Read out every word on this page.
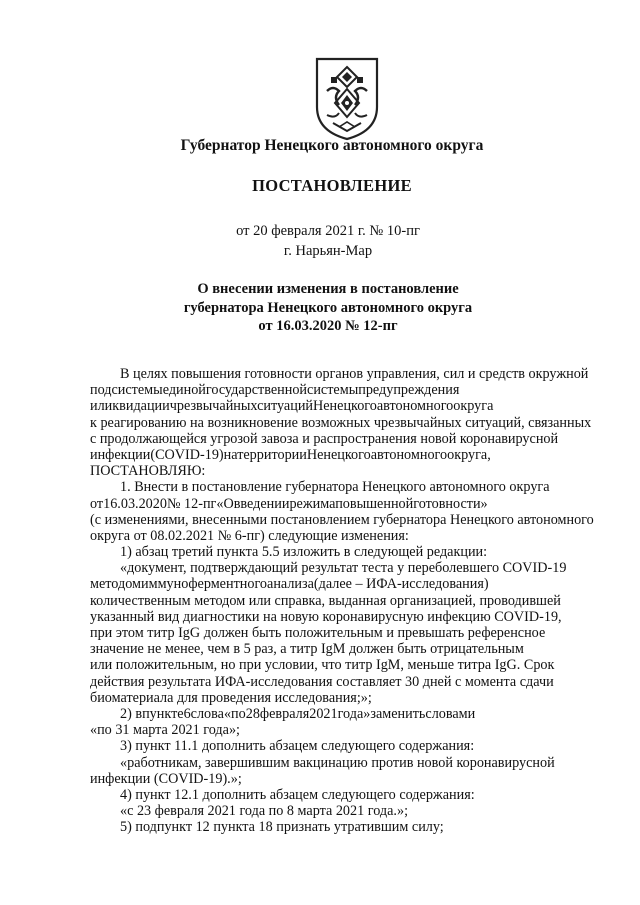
Губернатор Ненецкого автономного округа

ПОСТАНОВЛЕНИЕ

от 20 февраля 2021 г. № 10-пг

г. Нарьян-Мар

О внесении изменения в постановление
губернатора Ненецкого автономного округа
от 16.03.2020 № 12-пг
В целях повышения готовности органов управления, сил и средств окружной
подсистемыединойгосударственнойсистемыпредупреждения
иликвидациичрезвычайныхситуацийНенецкогоавтономногоокруга
к реагированию на возникновение возможных чрезвычайных ситуаций, связанных
с продолжающейся угрозой завоза и распространения новой коронавирусной
инфекции(COVID-19)натерриторииНенецкогоавтономногоокруга,
ПОСТАНОВЛЯЮ:
1. Внести в постановление губернатора Ненецкого автономного округа
от16.03.2020№ 12-пг«Овведениирежимаповышеннойготовности»
(с изменениями, внесенными постановлением губернатора Ненецкого автономного
округа от 08.02.2021 № 6-пг) следующие изменения:
1) абзац третий пункта 5.5 изложить в следующей редакции:
«документ, подтверждающий результат теста у переболевшего COVID-19
методомиммуноферментногоанализа(далее – ИФА-исследования)
количественным методом или справка, выданная организацией, проводившей
указанный вид диагностики на новую коронавирусную инфекцию COVID-19,
при этом титр IgG должен быть положительным и превышать референсное
значение не менее, чем в 5 раз, а титр IgM должен быть отрицательным
или положительным, но при условии, что титр IgM, меньше титра IgG. Срок
действия результата ИФА-исследования составляет 30 дней с момента сдачи
биоматериала для проведения исследования;»;
2) впункте6слова«по28февраля2021года»заменитьсловами
«по 31 марта 2021 года»;
3) пункт 11.1 дополнить абзацем следующего содержания:
«работникам, завершившим вакцинацию против новой коронавирусной
инфекции (COVID-19).»;
4) пункт 12.1 дополнить абзацем следующего содержания:
«с 23 февраля 2021 года по 8 марта 2021 года.»;
5) подпункт 12 пункта 18 признать утратившим силу;
